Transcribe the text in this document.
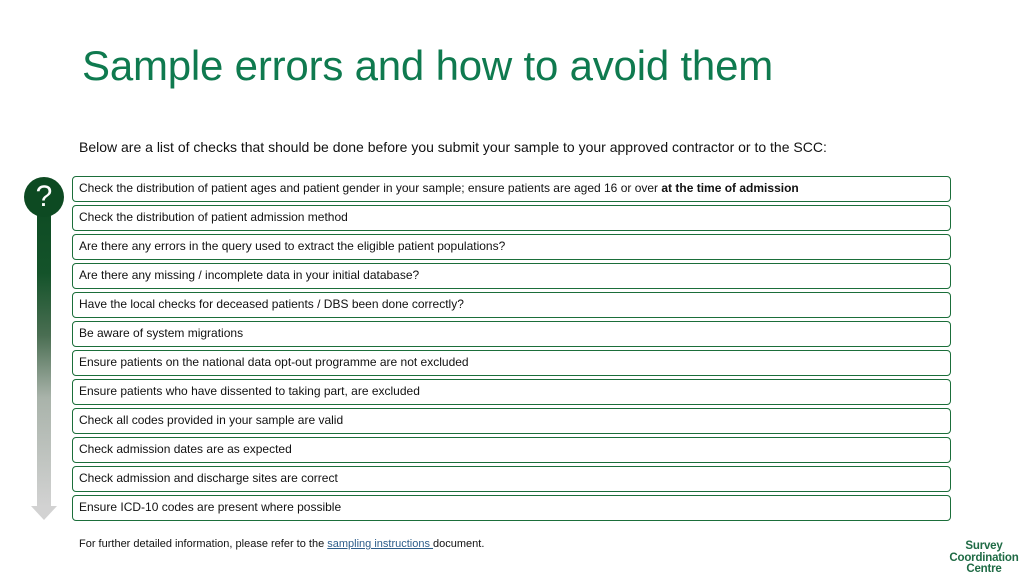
Sample errors and how to avoid them
Below are a list of checks that should be done before you submit your sample to your approved contractor or to the SCC:
?	Check the distribution of patient ages and patient gender in your sample; ensure patients are aged 16 or over at the time of admission
Check the distribution of patient admission method
Are there any errors in the query used to extract the eligible patient populations?
Are there any missing / incomplete data in your initial database?
Have the local checks for deceased patients / DBS been done correctly?
Be aware of system migrations
Ensure patients on the national data opt-out programme are not excluded
Ensure patients who have dissented to taking part, are excluded
Check all codes provided in your sample are valid
Check admission dates are as expected
Check admission and discharge sites are correct
Ensure ICD-10 codes are present where possible
For further detailed information, please refer to the sampling instructions document.	Survey
Coordination
Centre
